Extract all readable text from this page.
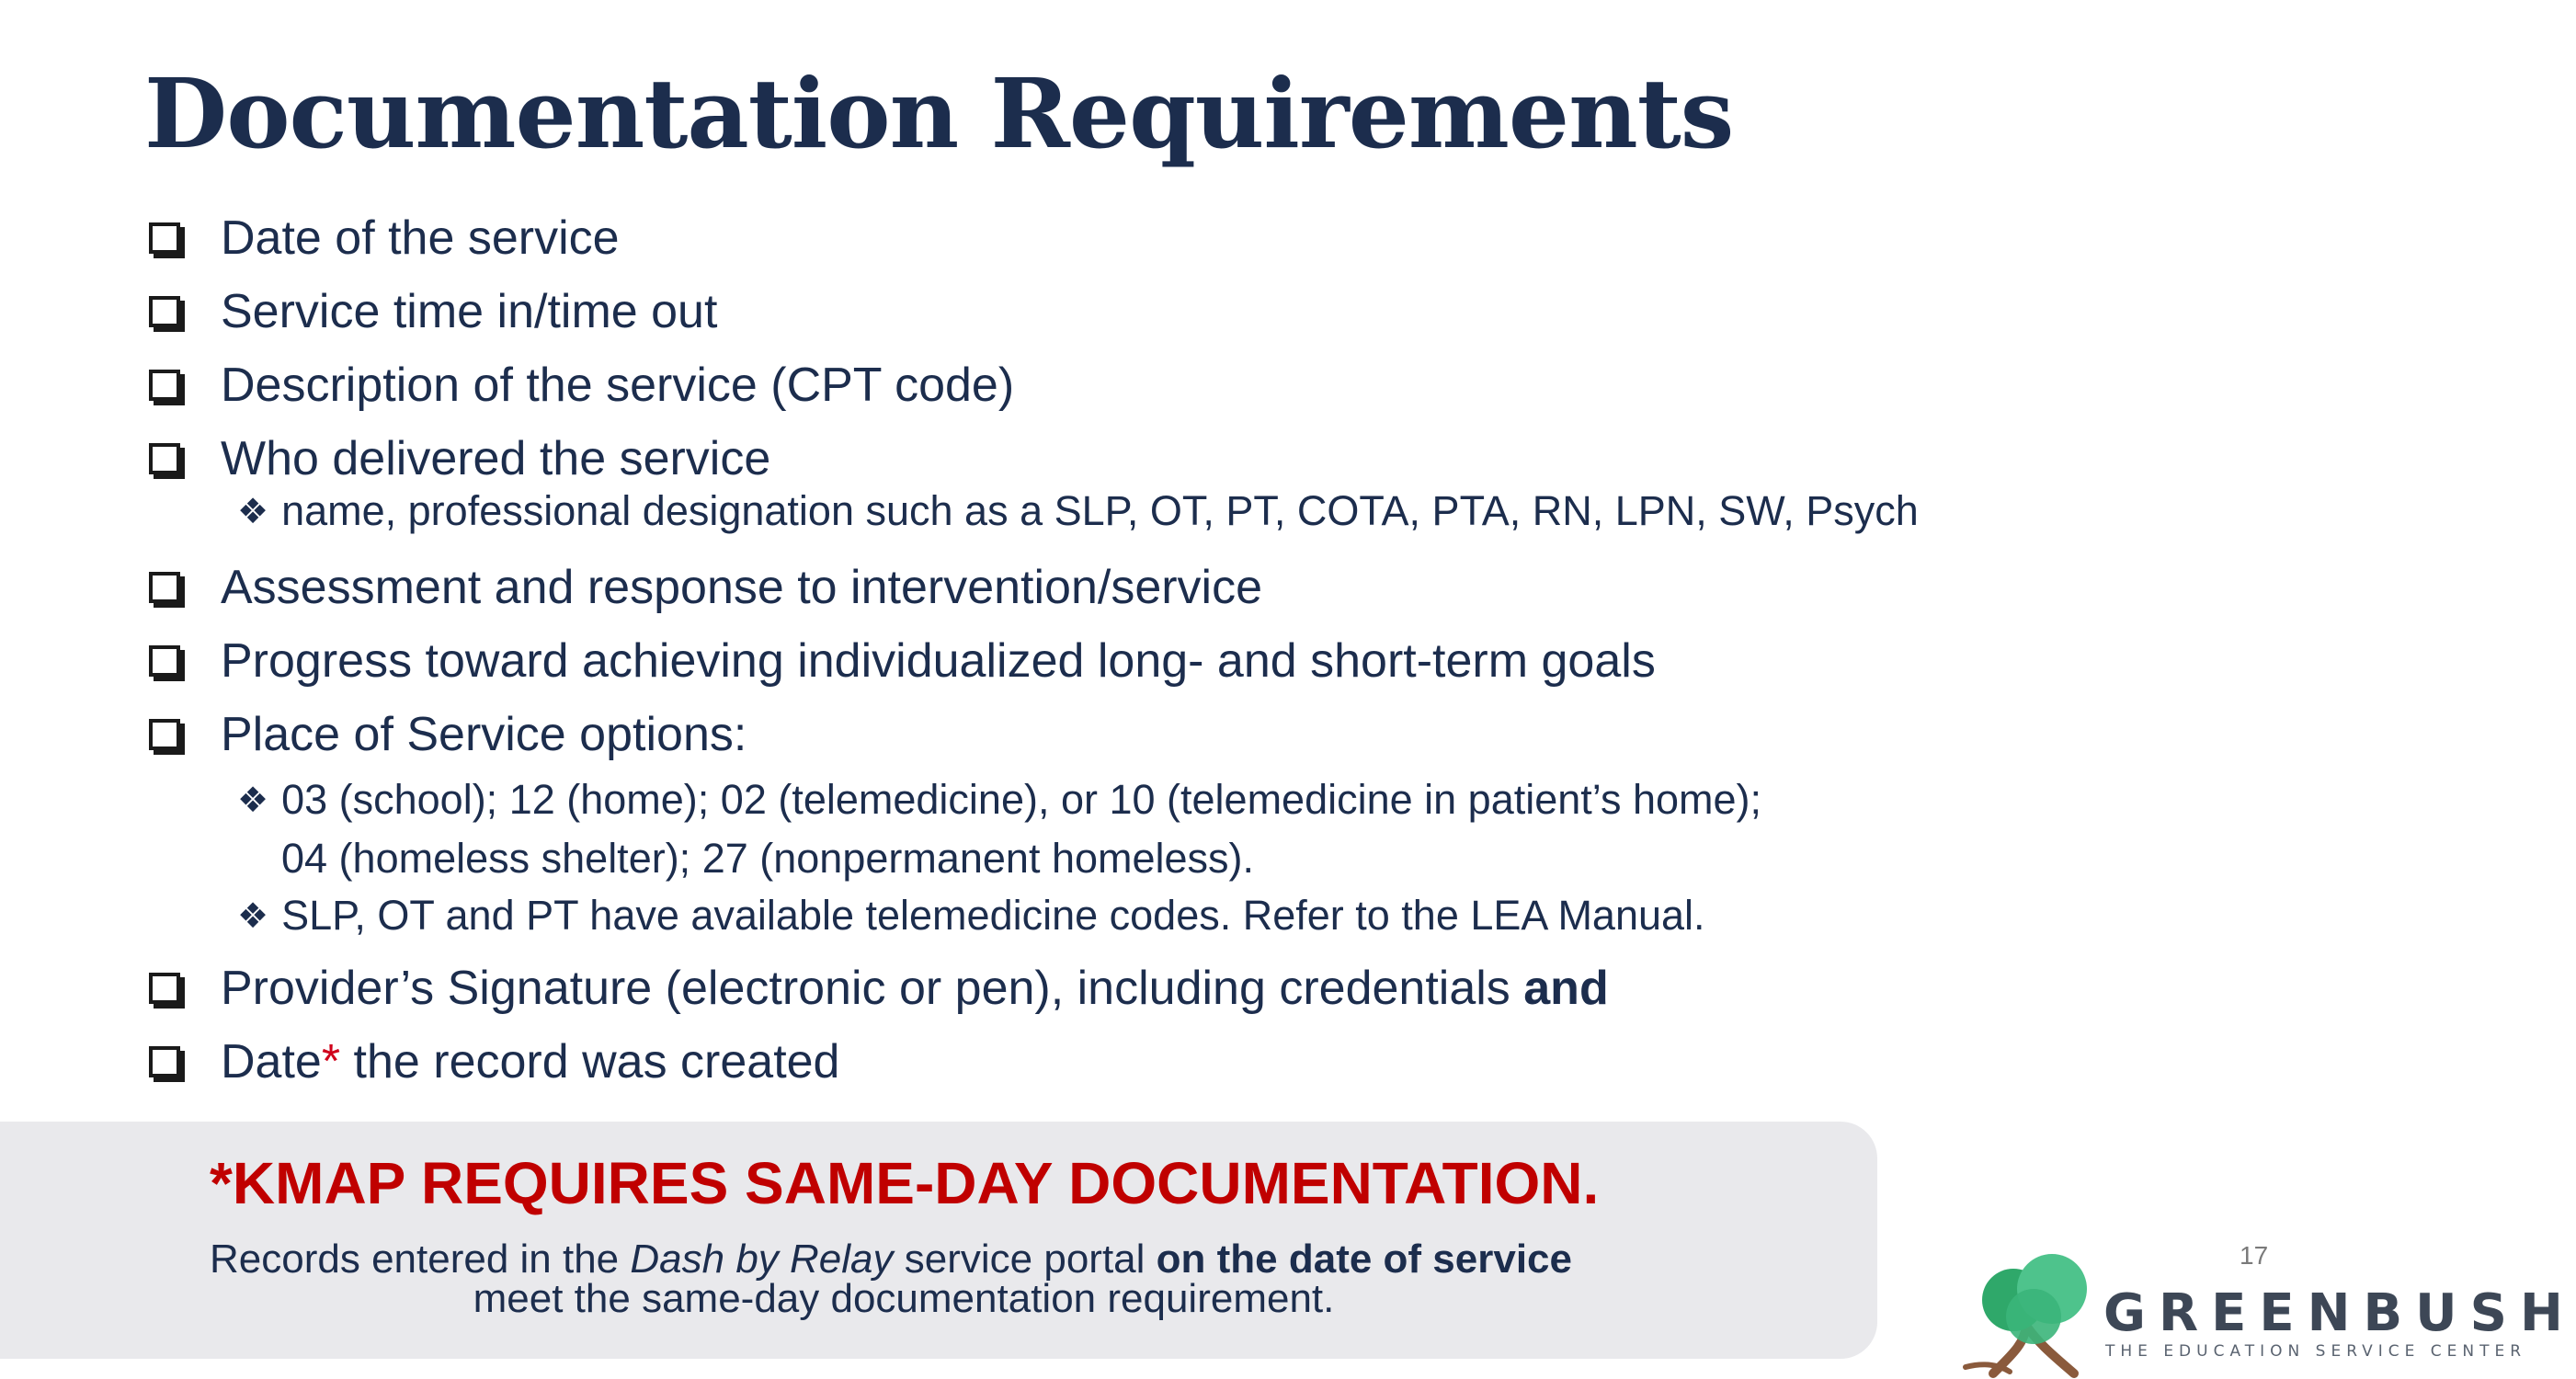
Documentation Requirements
Date of the service
Service time in/time out
Description of the service (CPT code)
Who delivered the service
❖ name, professional designation such as a SLP, OT, PT, COTA, PTA, RN, LPN, SW, Psych
Assessment and response to intervention/service
Progress toward achieving individualized long- and short-term goals
Place of Service options:
❖ 03 (school); 12 (home); 02 (telemedicine), or 10 (telemedicine in patient’s home);
04 (homeless shelter); 27 (nonpermanent homeless).
❖ SLP, OT and PT have available telemedicine codes. Refer to the LEA Manual.
Provider’s Signature (electronic or pen), including credentials and
Date* the record was created
*KMAP REQUIRES SAME-DAY DOCUMENTATION.
Records entered in the Dash by Relay service portal on the date of service
meet the same-day documentation requirement.
17
GREENBUSH
THE EDUCATION SERVICE CENTER
